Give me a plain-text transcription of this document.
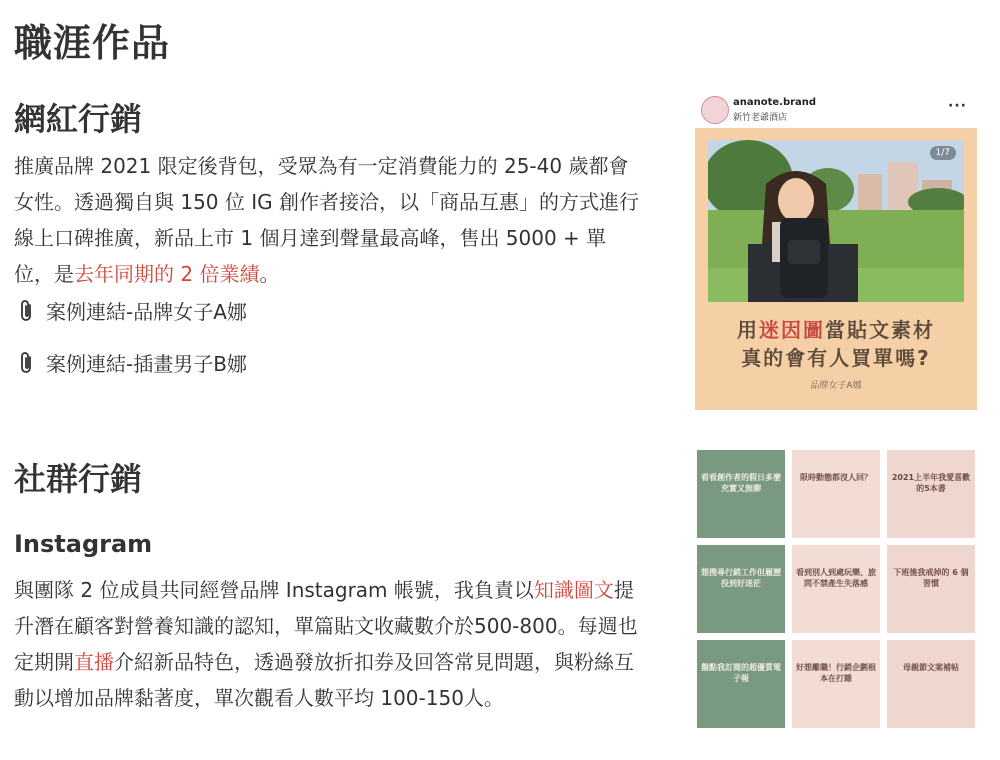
職涯作品
網紅行銷

推廣品牌 2021 限定後背包，受眾為有一定消費能力的 25-40 歲都會女性。透過獨自與 150 位 IG 創作者接洽，以「商品互惠」的方式進行線上口碑推廣，新品上市 1 個月達到聲量最高峰，售出 5000 + 單位，是去年同期的 2 倍業績。

案例連結-品牌女子A娜
案例連結-插畫男子B娜
ananote.brand
新竹老爺酒店
···
1/7
用迷因圖當貼文素材
真的會有人買單嗎?
品牌女子A娜
社群行銷
Instagram

與團隊 2 位成員共同經營品牌 Instagram 帳號，我負責以知識圖文提升潛在顧客對營養知識的認知，單篇貼文收藏數介於500-800。每週也定期開直播介紹新品特色，透過發放折扣券及回答常見問題，與粉絲互動以增加品牌黏著度，單次觀看人數平均 100-150人。

看看創作者的假日多麼充實又無聊
限時動態都沒人回？	2021上半年我愛喜歡的5本書
想搜尋行銷工作但履歷投到好迷茫
看到別人到處玩樂、旅問不禁產生失落感
下班後我戒掉的 6 個習慣
盤點我訂閱的超優質電子報
好想離職！行銷企劃根本在打雜
母親節文案補帖
